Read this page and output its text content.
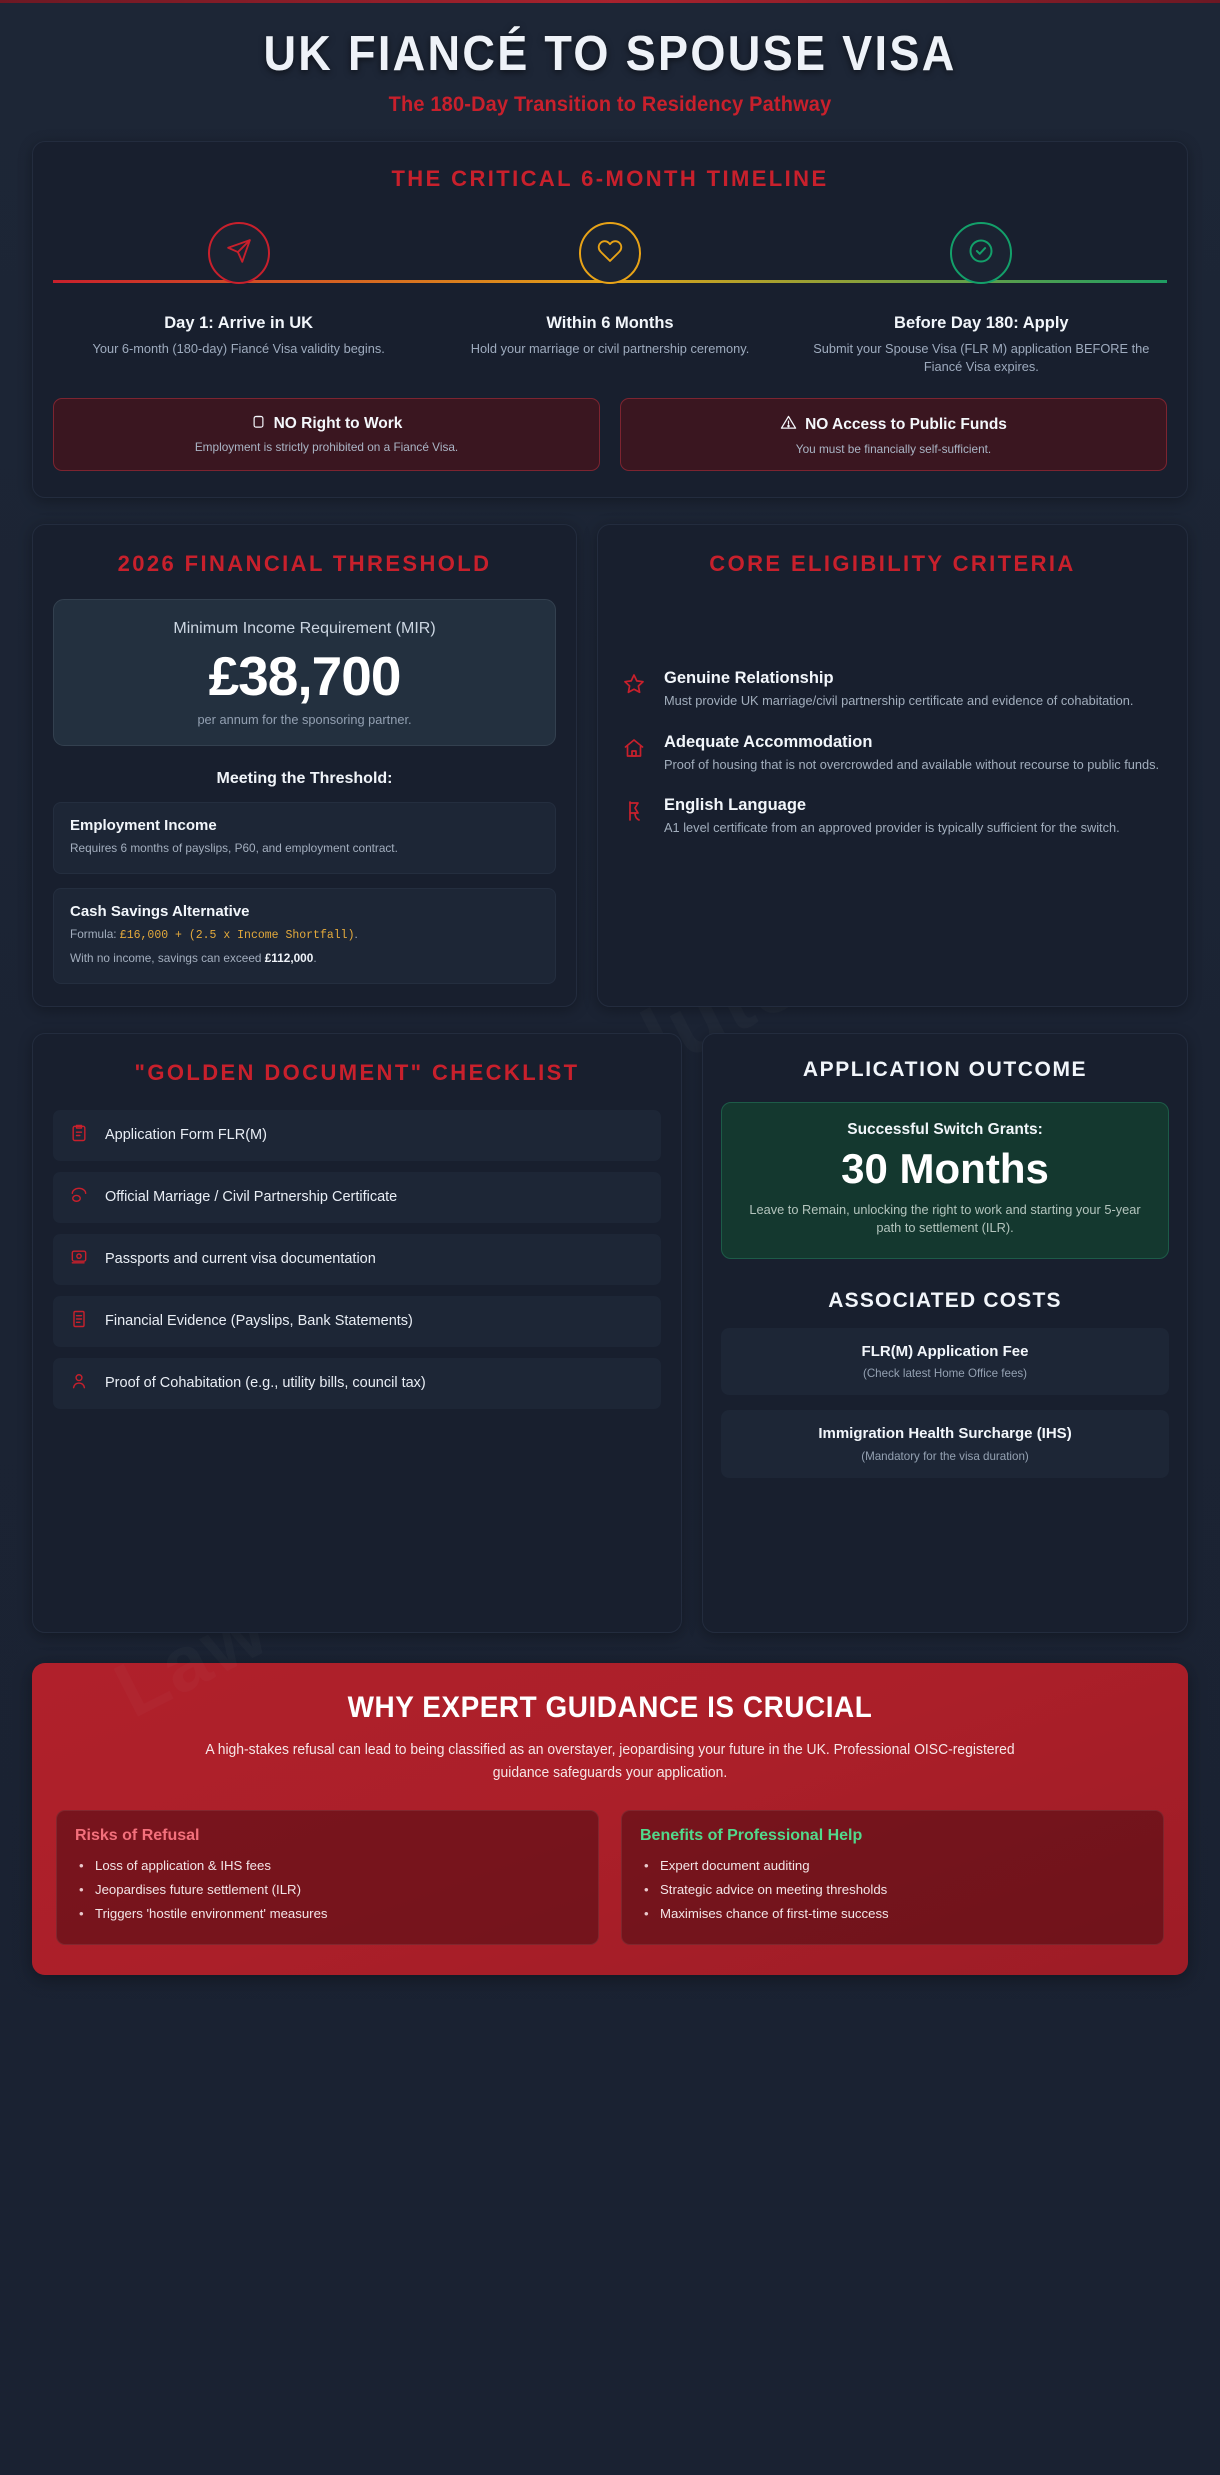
UK FIANCÉ TO SPOUSE VISA
The 180-Day Transition to Residency Pathway
THE CRITICAL 6-MONTH TIMELINE
Day 1: Arrive in UK
Your 6-month (180-day) Fiancé Visa validity begins.
Within 6 Months
Hold your marriage or civil partnership ceremony.
Before Day 180: Apply
Submit your Spouse Visa (FLR M) application BEFORE the Fiancé Visa expires.
NO Right to Work
Employment is strictly prohibited on a Fiancé Visa.
NO Access to Public Funds
You must be financially self-sufficient.
2026 FINANCIAL THRESHOLD
Minimum Income Requirement (MIR)
£38,700
per annum for the sponsoring partner.
Meeting the Threshold:
Employment Income
Requires 6 months of payslips, P60, and employment contract.
Cash Savings Alternative
Formula: £16,000 + (2.5 x Income Shortfall).
With no income, savings can exceed £112,000.
CORE ELIGIBILITY CRITERIA
Genuine Relationship
Must provide UK marriage/civil partnership certificate and evidence of cohabitation.
Adequate Accommodation
Proof of housing that is not overcrowded and available without recourse to public funds.
English Language
A1 level certificate from an approved provider is typically sufficient for the switch.
"GOLDEN DOCUMENT" CHECKLIST
Application Form FLR(M)
Official Marriage / Civil Partnership Certificate
Passports and current visa documentation
Financial Evidence (Payslips, Bank Statements)
Proof of Cohabitation (e.g., utility bills, council tax)
APPLICATION OUTCOME
Successful Switch Grants:
30 Months
Leave to Remain, unlocking the right to work and starting your 5-year path to settlement (ILR).
ASSOCIATED COSTS
FLR(M) Application Fee
(Check latest Home Office fees)
Immigration Health Surcharge (IHS)
(Mandatory for the visa duration)
WHY EXPERT GUIDANCE IS CRUCIAL
A high-stakes refusal can lead to being classified as an overstayer, jeopardising your future in the UK. Professional OISC-registered guidance safeguards your application.
Risks of Refusal
• Loss of application & IHS fees
• Jeopardises future settlement (ILR)
• Triggers 'hostile environment' measures
Benefits of Professional Help
• Expert document auditing
• Strategic advice on meeting thresholds
• Maximises chance of first-time success
